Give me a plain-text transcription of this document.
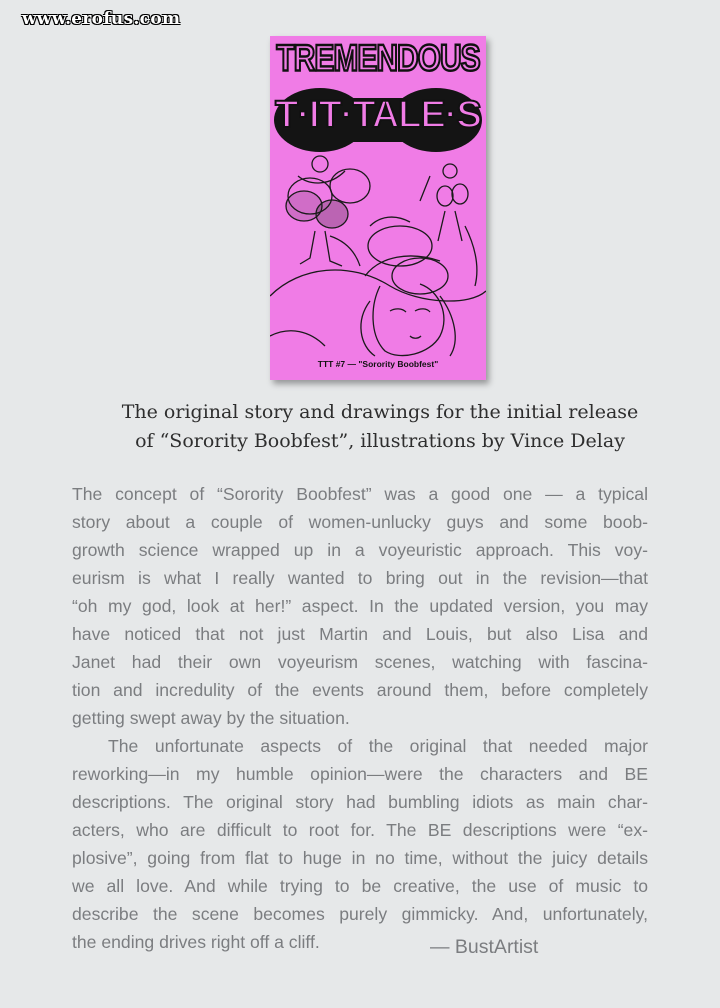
www.erofus.com
TREMENDOUS
T·IT·TALE·S
TTT #7 — "Sorority Boobfest"
The original story and drawings for the initial release
of “Sorority Boobfest”, illustrations by Vince Delay
The concept of “Sorority Boobfest” was a good one — a typical
story about a couple of women-unlucky guys and some boob-
growth science wrapped up in a voyeuristic approach. This voy-
eurism is what I really wanted to bring out in the revision—that
“oh my god, look at her!” aspect. In the updated version, you may
have noticed that not just Martin and Louis, but also Lisa and
Janet had their own voyeurism scenes, watching with fascina-
tion and incredulity of the events around them, before completely
getting swept away by the situation.
The unfortunate aspects of the original that needed major
reworking—in my humble opinion—were the characters and BE
descriptions. The original story had bumbling idiots as main char-
acters, who are difficult to root for. The BE descriptions were “ex-
plosive”, going from flat to huge in no time, without the juicy details
we all love. And while trying to be creative, the use of music to
describe the scene becomes purely gimmicky. And, unfortunately,
the ending drives right off a cliff.	— BustArtist
